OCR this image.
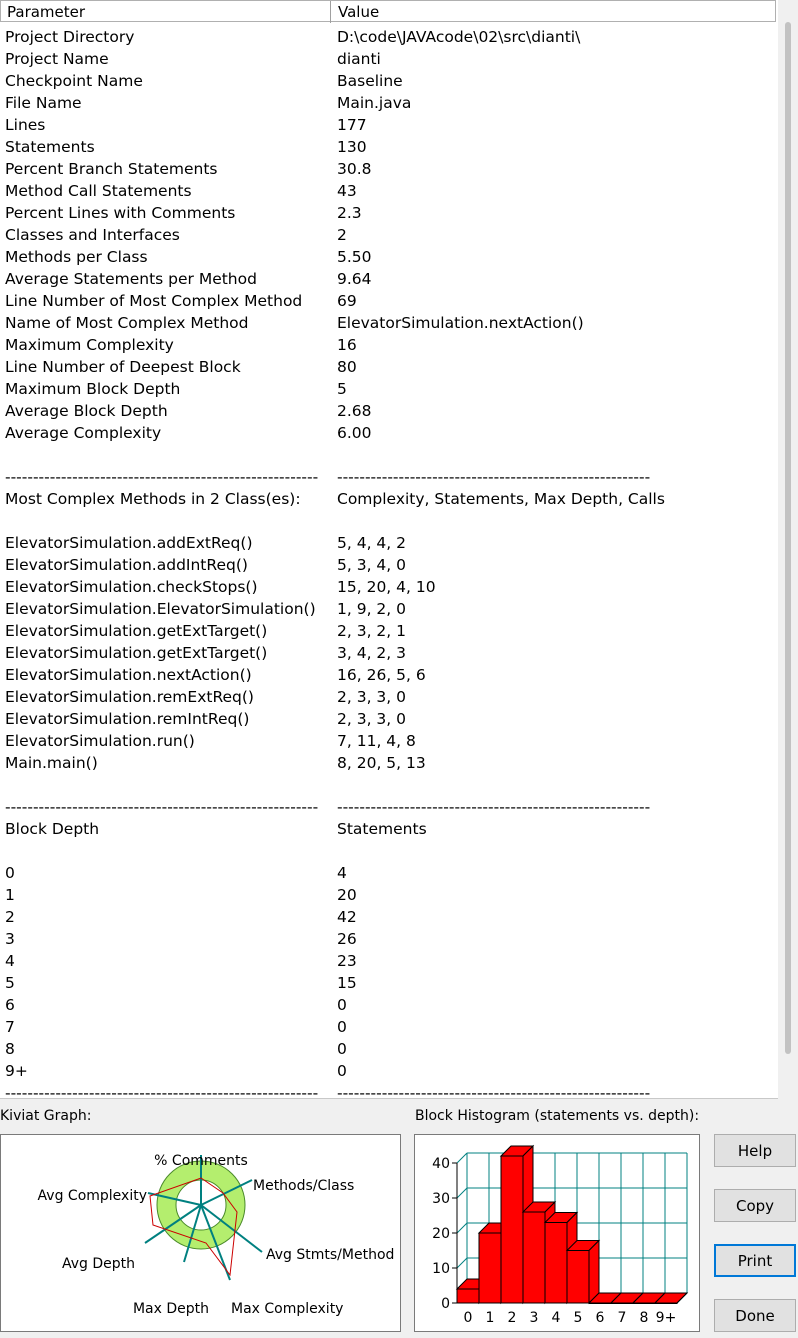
Parameter	Value
Project Directory	D:\code\JAVAcode\02\src\dianti\
Project Name	dianti
Checkpoint Name	Baseline
File Name	Main.java
Lines	177
Statements	130
Percent Branch Statements	30.8
Method Call Statements	43
Percent Lines with Comments	2.3
Classes and Interfaces	2
Methods per Class	5.50
Average Statements per Method	9.64
Line Number of Most Complex Method 69
Name of Most Complex Method	ElevatorSimulation.nextAction()
Maximum Complexity	16
Line Number of Deepest Block	80
Maximum Block Depth	5
Average Block Depth	2.68
Average Complexity	6.00
-------------------------------------------------------- --------------------------------------------------------
Most Complex Methods in 2 Class(es): Complexity, Statements, Max Depth, Calls
ElevatorSimulation.addExtReq()	5, 4, 4, 2
ElevatorSimulation.addIntReq()	5, 3, 4, 0
ElevatorSimulation.checkStops()	15, 20, 4, 10
ElevatorSimulation.ElevatorSimulation() 1, 9, 2, 0
ElevatorSimulation.getExtTarget()	2, 3, 2, 1
ElevatorSimulation.getExtTarget()	3, 4, 2, 3
ElevatorSimulation.nextAction()	16, 26, 5, 6
ElevatorSimulation.remExtReq()	2, 3, 3, 0
ElevatorSimulation.remIntReq()	2, 3, 3, 0
ElevatorSimulation.run()	7, 11, 4, 8
Main.main()	8, 20, 5, 13
-------------------------------------------------------- --------------------------------------------------------
Block Depth	Statements
0	4
1	20
2	42
3	26
4	23
5	15
6	0
7	0
8	0
9+	0
-------------------------------------------------------- --------------------------------------------------------
Kiviat Graph:	Block Histogram (statements vs. depth):
% Comments
Methods/Class
Avg Stmts/Method
Max Complexity
Max Depth
Avg Depth
Avg Complexity
0
10
20
30
40
0 1 2 3 4 5 6 7 8 9+
Help
Copy
Print
Done
